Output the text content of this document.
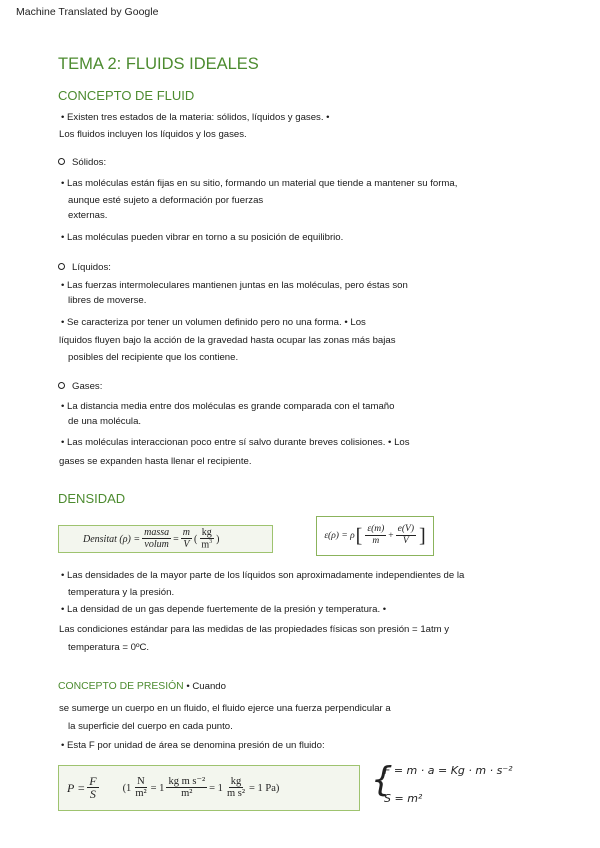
Machine Translated by Google
TEMA 2: FLUIDS IDEALES
CONCEPTO DE FLUID
• Existen tres estados de la materia: sólidos, líquidos y gases. •
Los fluidos incluyen los líquidos y los gases.
Sólidos:
• Las moléculas están fijas en su sitio, formando un material que tiende a mantener su forma,
aunque esté sujeto a deformación por fuerzas
externas.
• Las moléculas pueden vibrar en torno a su posición de equilibrio.
Líquidos:
• Las fuerzas intermoleculares mantienen juntas en las moléculas, pero éstas son
libres de moverse.
• Se caracteriza por tener un volumen definido pero no una forma. • Los
líquidos fluyen bajo la acción de la gravedad hasta ocupar las zonas más bajas
posibles del recipiente que los contiene.
Gases:
• La distancia media entre dos moléculas es grande comparada con el tamaño
de una molécula.
• Las moléculas interaccionan poco entre sí salvo durante breves colisiones. • Los
gases se expanden hasta llenar el recipiente.
DENSIDAD
Densitat $(\rho) = \frac{\text{massa}}{\text{volum}} = \frac{m}{V}$ ( $\frac{kg}{m^3}$ )	ε(ρ) = ρ [ $\frac{\varepsilon(m)}{m} + \frac{e(V)}{V}$ ]
• Las densidades de la mayor parte de los líquidos son aproximadamente independientes de la
temperatura y la presión.
• La densidad de un gas depende fuertemente de la presión y temperatura. •
Las condiciones estándar para las medidas de las propiedades físicas son presión = 1atm y
temperatura = 0ºC.
CONCEPTO DE PRESIÓN • Cuando
se sumerge un cuerpo en un fluido, el fluido ejerce una fuerza perpendicular a
la superficie del cuerpo en cada punto.
• Esta F por unidad de área se denomina presión de un fluido:
$P = \frac{F}{S} (1 \frac{N}{\text{m²}} = 1 \frac{\text{kg m s⁻²}}{\text{m²}} = 1 \frac{kg}{\text{m s²}} = 1$ Pa)	{
F = m · a = Kg · m · s⁻²
S = m²
